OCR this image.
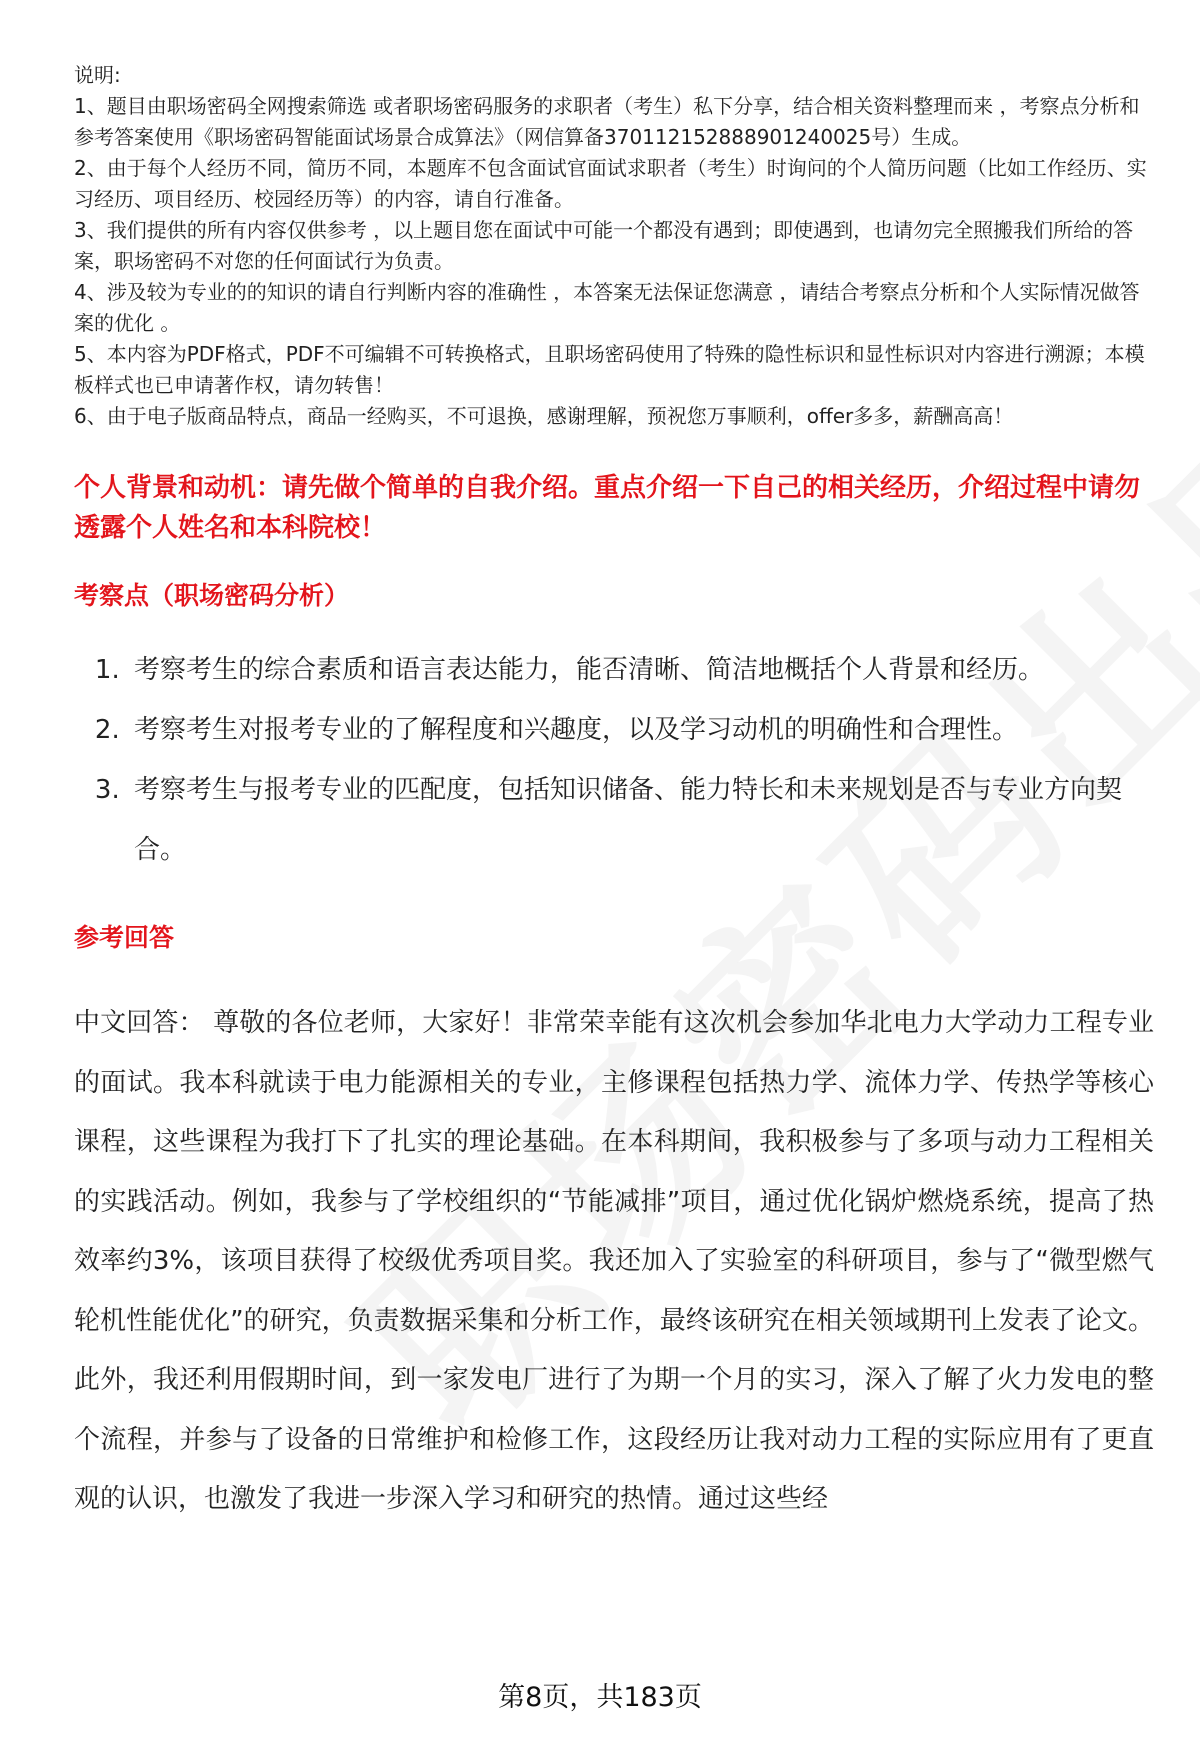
说明:

1、题目由职场密码全网搜索筛选 或者职场密码服务的求职者（考生）私下分享，结合相关资料整理而来 ，考察点分析和参考答案使用《职场密码智能面试场景合成算法》（网信算备370112152888901240025号）生成。

2、由于每个人经历不同，简历不同，本题库不包含面试官面试求职者（考生）时询问的个人简历问题（比如工作经历、实习经历、项目经历、校园经历等）的内容，请自行准备。

3、我们提供的所有内容仅供参考 ，以上题目您在面试中可能一个都没有遇到；即使遇到，也请勿完全照搬我们所给的答案，职场密码不对您的任何面试行为负责。

4、涉及较为专业的的知识的请自行判断内容的准确性 ，本答案无法保证您满意 ，请结合考察点分析和个人实际情况做答案的优化 。

5、本内容为PDF格式，PDF不可编辑不可转换格式，且职场密码使用了特殊的隐性标识和显性标识对内容进行溯源；本模板样式也已申请著作权，请勿转售！

6、由于电子版商品特点，商品一经购买，不可退换，感谢理解，预祝您万事顺利，offer多多，薪酬高高！

个人背景和动机：请先做个简单的自我介绍。重点介绍一下自己的相关经历，介绍过程中请勿透露个人姓名和本科院校！
考察点（职场密码分析）
1. 考察考生的综合素质和语言表达能力，能否清晰、简洁地概括个人背景和经历。
2. 考察考生对报考专业的了解程度和兴趣度，以及学习动机的明确性和合理性。
3. 考察考生与报考专业的匹配度，包括知识储备、能力特长和未来规划是否与专业方向契合。
参考回答
中文回答： 尊敬的各位老师，大家好！非常荣幸能有这次机会参加华北电力大学动力工程专业的面试。我本科就读于电力能源相关的专业，主修课程包括热力学、流体力学、传热学等核心课程，这些课程为我打下了扎实的理论基础。在本科期间，我积极参与了多项与动力工程相关的实践活动。例如，我参与了学校组织的“节能减排”项目，通过优化锅炉燃烧系统，提高了热效率约3%，该项目获得了校级优秀项目奖。我还加入了实验室的科研项目，参与了“微型燃气轮机性能优化”的研究，负责数据采集和分析工作，最终该研究在相关领域期刊上发表了论文。此外，我还利用假期时间，到一家发电厂进行了为期一个月的实习，深入了解了火力发电的整个流程，并参与了设备的日常维护和检修工作，这段经历让我对动力工程的实际应用有了更直观的认识，也激发了我进一步深入学习和研究的热情。通过这些经
第8页，共183页
